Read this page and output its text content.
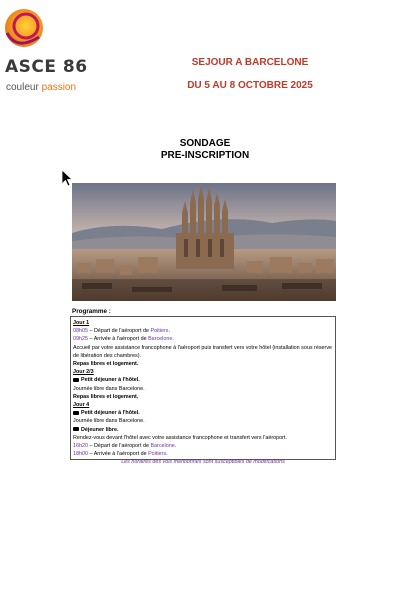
ASCE 86
couleur passion
SEJOUR A BARCELONE
DU 5 AU 8 OCTOBRE 2025
SONDAGE
PRE-INSCRIPTION
Programme :
Jour 1
08h05 – Départ de l'aéroport de Poitiers.
09h25 – Arrivée à l'aéroport de Barcelone.
Accueil par votre assistance francophone à l'aéroport puis transfert vers votre hôtel (installation sous réserve de libération des chambres).
Repas libres et logement.
Jour 2/3
Petit déjeuner à l'hôtel.
Journée libre dans Barcelone.
Repas libres et logement.
Jour 4
Petit déjeuner à l'hôtel.
Journée libre dans Barcelone.
Déjeuner libre.
Rendez-vous devant l'hôtel avec votre assistance francophone et transfert vers l'aéroport.
16h20 – Départ de l'aéroport de Barcelone.
18h00 – Arrivée à l'aéroport de Poitiers.
Les horaires des vols mentionnés sont susceptibles de modifications
